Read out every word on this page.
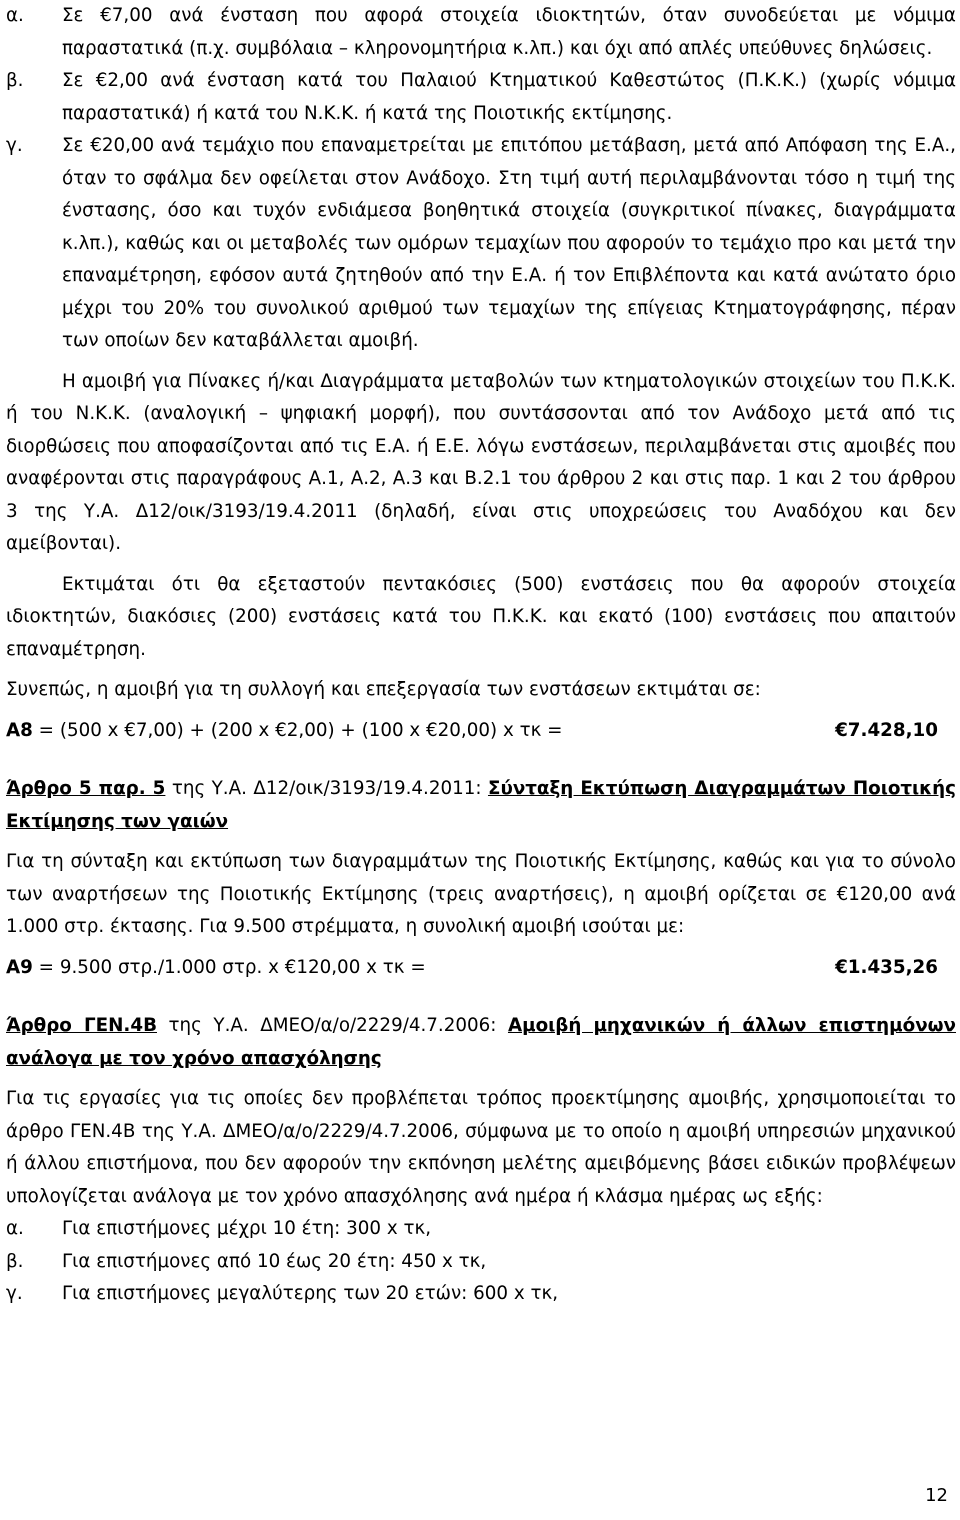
α.	Σε €7,00 ανά ένσταση που αφορά στοιχεία ιδιοκτητών, όταν συνοδεύεται με νόμιμα παραστατικά (π.χ. συμβόλαια – κληρονομητήρια κ.λπ.) και όχι από απλές υπεύθυνες δηλώσεις.
β.	Σε €2,00 ανά ένσταση κατά του Παλαιού Κτηματικού Καθεστώτος (Π.Κ.Κ.) (χωρίς νόμιμα παραστατικά) ή κατά του Ν.Κ.Κ. ή κατά της Ποιοτικής εκτίμησης.
γ.	Σε €20,00 ανά τεμάχιο που επαναμετρείται με επιτόπου μετάβαση, μετά από Απόφαση της Ε.Α., όταν το σφάλμα δεν οφείλεται στον Ανάδοχο. Στη τιμή αυτή περιλαμβάνονται τόσο η τιμή της ένστασης, όσο και τυχόν ενδιάμεσα βοηθητικά στοιχεία (συγκριτικοί πίνακες, διαγράμματα κ.λπ.), καθώς και οι μεταβολές των ομόρων τεμαχίων που αφορούν το τεμάχιο προ και μετά την επαναμέτρηση, εφόσον αυτά ζητηθούν από την Ε.Α. ή τον Επιβλέποντα και κατά ανώτατο όριο μέχρι του 20% του συνολικού αριθμού των τεμαχίων της επίγειας Κτηματογράφησης, πέραν των οποίων δεν καταβάλλεται αμοιβή.

Η αμοιβή για Πίνακες ή/και Διαγράμματα μεταβολών των κτηματολογικών στοιχείων του Π.Κ.Κ. ή του Ν.Κ.Κ. (αναλογική – ψηφιακή μορφή), που συντάσσονται από τον Ανάδοχο μετά από τις διορθώσεις που αποφασίζονται από τις Ε.Α. ή Ε.Ε. λόγω ενστάσεων, περιλαμβάνεται στις αμοιβές που αναφέρονται στις παραγράφους Α.1, Α.2, Α.3 και Β.2.1 του άρθρου 2 και στις παρ. 1 και 2 του άρθρου 3 της Υ.Α. Δ12/οικ/3193/19.4.2011 (δηλαδή, είναι στις υποχρεώσεις του Αναδόχου και δεν αμείβονται).

Εκτιμάται ότι θα εξεταστούν πεντακόσιες (500) ενστάσεις που θα αφορούν στοιχεία ιδιοκτητών, διακόσιες (200) ενστάσεις κατά του Π.Κ.Κ. και εκατό (100) ενστάσεις που απαιτούν επαναμέτρηση.

Συνεπώς, η αμοιβή για τη συλλογή και επεξεργασία των ενστάσεων εκτιμάται σε:

Α8 = (500 x €7,00) + (200 x €2,00) + (100 x €20,00) x τκ =	€7.428,10

Άρθρο 5 παρ. 5 της Υ.Α. Δ12/οικ/3193/19.4.2011: Σύνταξη Εκτύπωση Διαγραμμάτων Ποιοτικής Εκτίμησης των γαιών

Για τη σύνταξη και εκτύπωση των διαγραμμάτων της Ποιοτικής Εκτίμησης, καθώς και για το σύνολο των αναρτήσεων της Ποιοτικής Εκτίμησης (τρεις αναρτήσεις), η αμοιβή ορίζεται σε €120,00 ανά 1.000 στρ. έκτασης. Για 9.500 στρέμματα, η συνολική αμοιβή ισούται με:

Α9 = 9.500 στρ./1.000 στρ. x €120,00 x τκ =	€1.435,26

Άρθρο ΓΕΝ.4Β της Υ.Α. ΔΜΕΟ/α/ο/2229/4.7.2006: Αμοιβή μηχανικών ή άλλων επιστημόνων ανάλογα με τον χρόνο απασχόλησης

Για τις εργασίες για τις οποίες δεν προβλέπεται τρόπος προεκτίμησης αμοιβής, χρησιμοποιείται το άρθρο ΓΕΝ.4Β της Υ.Α. ΔΜΕΟ/α/ο/2229/4.7.2006, σύμφωνα με το οποίο η αμοιβή υπηρεσιών μηχανικού ή άλλου επιστήμονα, που δεν αφορούν την εκπόνηση μελέτης αμειβόμενης βάσει ειδικών προβλέψεων υπολογίζεται ανάλογα με τον χρόνο απασχόλησης ανά ημέρα ή κλάσμα ημέρας ως εξής:

α.	Για επιστήμονες μέχρι 10 έτη: 300 x τκ,
β.	Για επιστήμονες από 10 έως 20 έτη: 450 x τκ,
γ.	Για επιστήμονες μεγαλύτερης των 20 ετών: 600 x τκ,
12
